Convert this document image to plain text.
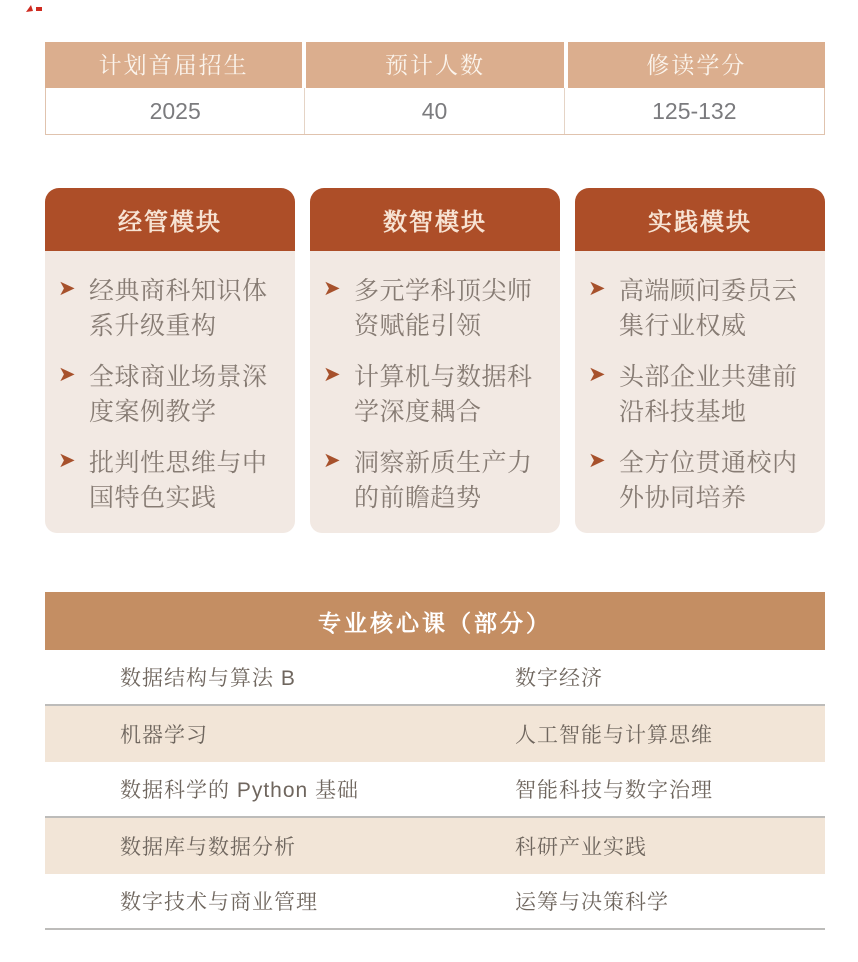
计划首届招生	预计人数	修读学分
2025	40	125-132
经管模块
➤ 经典商科知识体系升级重构
➤ 全球商业场景深度案例教学
➤ 批判性思维与中国特色实践
数智模块
➤ 多元学科顶尖师资赋能引领
➤ 计算机与数据科学深度耦合
➤ 洞察新质生产力的前瞻趋势
实践模块
➤ 高端顾问委员云集行业权威
➤ 头部企业共建前沿科技基地
➤ 全方位贯通校内外协同培养
专业核心课（部分）
数据结构与算法 B	数字经济
机器学习	人工智能与计算思维
数据科学的 Python 基础	智能科技与数字治理
数据库与数据分析	科研产业实践
数字技术与商业管理	运筹与决策科学
